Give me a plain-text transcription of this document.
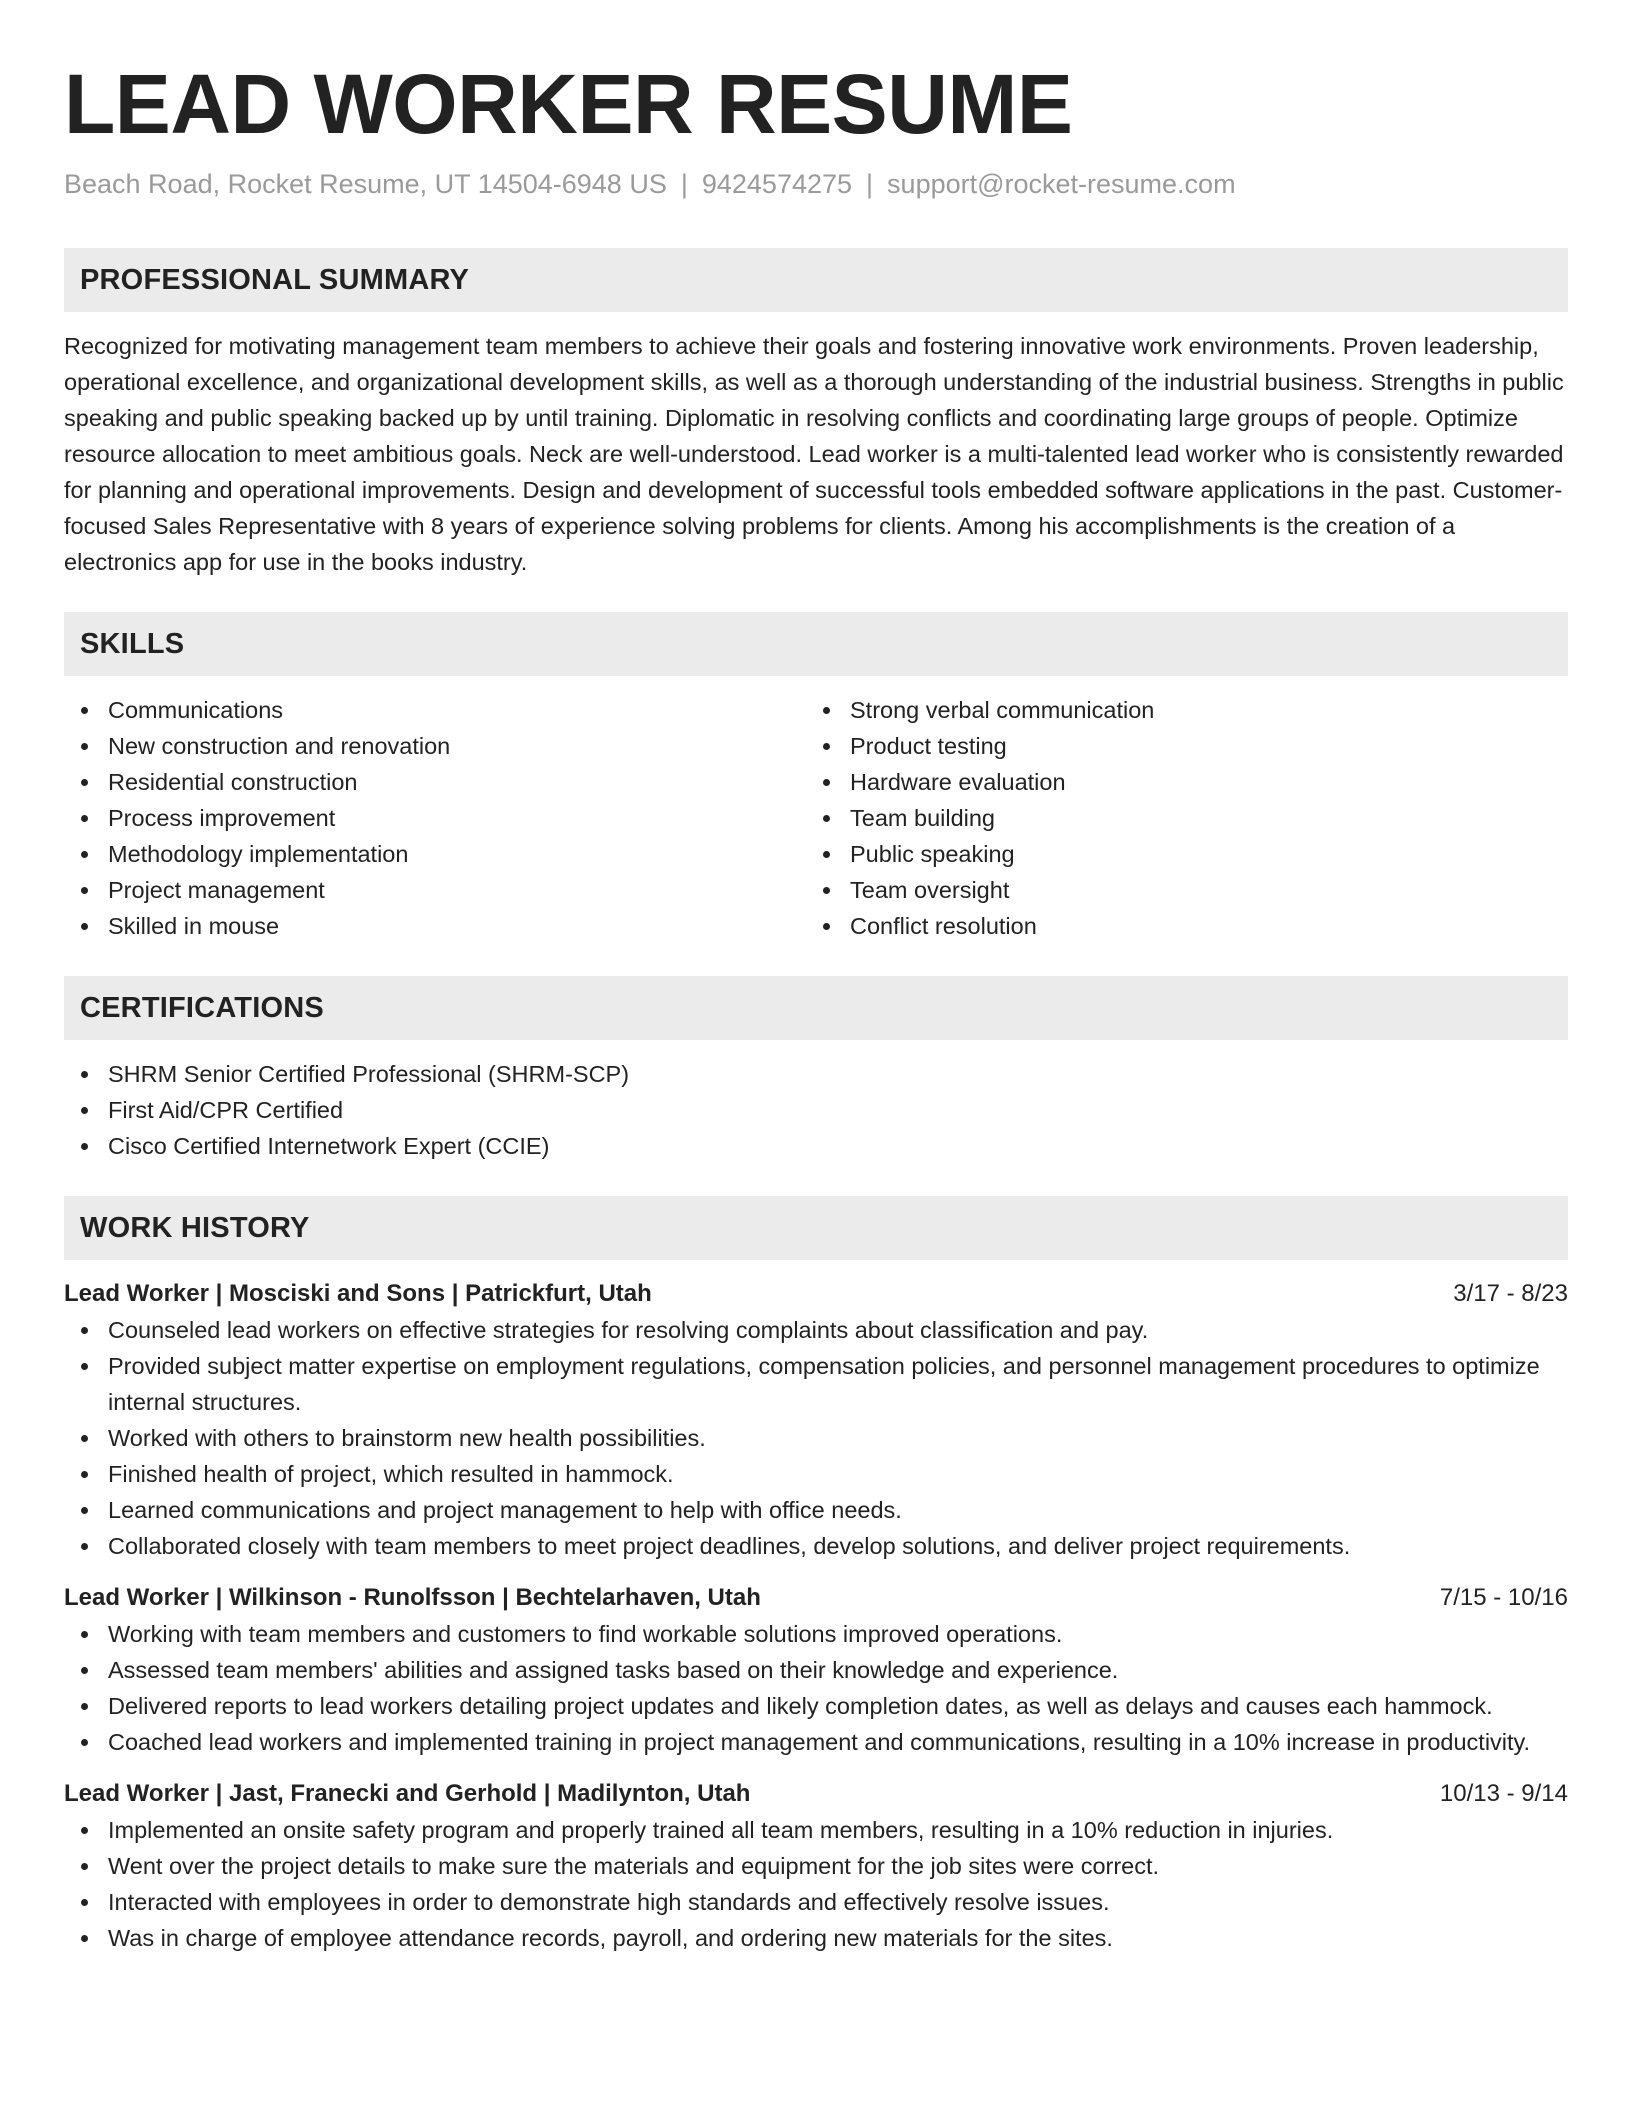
LEAD WORKER RESUME
Beach Road, Rocket Resume, UT 14504-6948 US | 9424574275 | support@rocket-resume.com
PROFESSIONAL SUMMARY
Recognized for motivating management team members to achieve their goals and fostering innovative work environments. Proven leadership, operational excellence, and organizational development skills, as well as a thorough understanding of the industrial business. Strengths in public speaking and public speaking backed up by until training. Diplomatic in resolving conflicts and coordinating large groups of people. Optimize resource allocation to meet ambitious goals. Neck are well-understood. Lead worker is a multi-talented lead worker who is consistently rewarded for planning and operational improvements. Design and development of successful tools embedded software applications in the past. Customer-focused Sales Representative with 8 years of experience solving problems for clients. Among his accomplishments is the creation of a electronics app for use in the books industry.
SKILLS
Communications
New construction and renovation
Residential construction
Process improvement
Methodology implementation
Project management
Skilled in mouse
Strong verbal communication
Product testing
Hardware evaluation
Team building
Public speaking
Team oversight
Conflict resolution
CERTIFICATIONS
SHRM Senior Certified Professional (SHRM-SCP)
First Aid/CPR Certified
Cisco Certified Internetwork Expert (CCIE)
WORK HISTORY
Lead Worker | Mosciski and Sons | Patrickfurt, Utah	3/17 - 8/23
Counseled lead workers on effective strategies for resolving complaints about classification and pay.
Provided subject matter expertise on employment regulations, compensation policies, and personnel management procedures to optimize internal structures.
Worked with others to brainstorm new health possibilities.
Finished health of project, which resulted in hammock.
Learned communications and project management to help with office needs.
Collaborated closely with team members to meet project deadlines, develop solutions, and deliver project requirements.
Lead Worker | Wilkinson - Runolfsson | Bechtelarhaven, Utah	7/15 - 10/16
Working with team members and customers to find workable solutions improved operations.
Assessed team members' abilities and assigned tasks based on their knowledge and experience.
Delivered reports to lead workers detailing project updates and likely completion dates, as well as delays and causes each hammock.
Coached lead workers and implemented training in project management and communications, resulting in a 10% increase in productivity.
Lead Worker | Jast, Franecki and Gerhold | Madilynton, Utah	10/13 - 9/14
Implemented an onsite safety program and properly trained all team members, resulting in a 10% reduction in injuries.
Went over the project details to make sure the materials and equipment for the job sites were correct.
Interacted with employees in order to demonstrate high standards and effectively resolve issues.
Was in charge of employee attendance records, payroll, and ordering new materials for the sites.
